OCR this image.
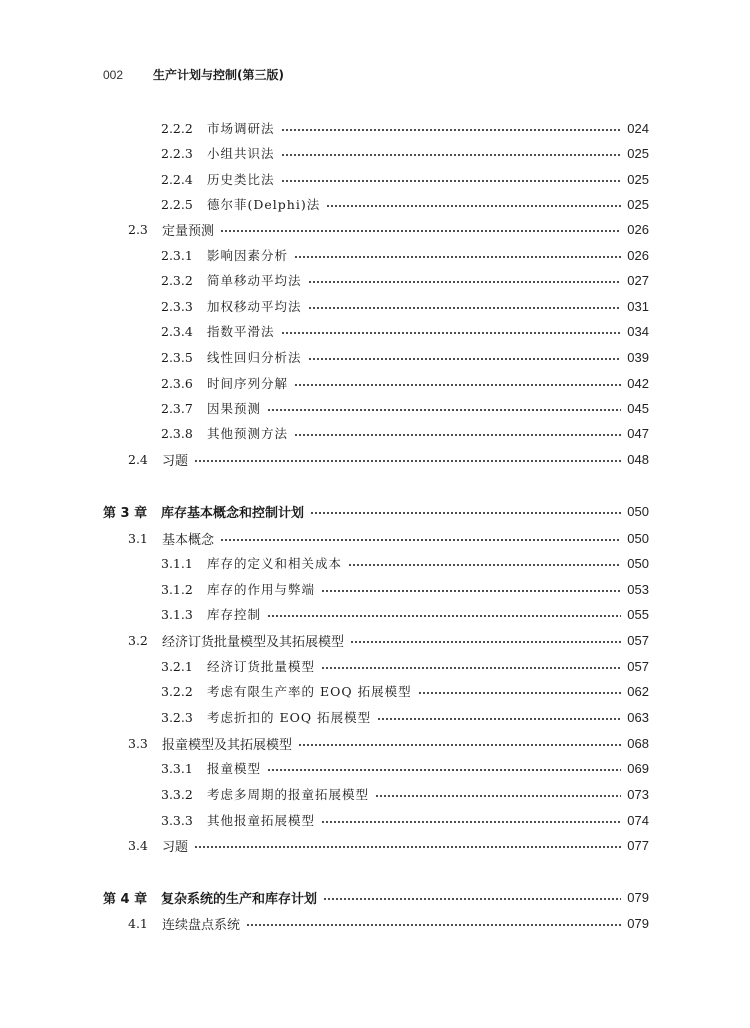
002	生产计划与控制(第三版)
2.2.2	市场调研法	024
2.2.3	小组共识法	025
2.2.4	历史类比法	025
2.2.5	德尔菲(Delphi)法	025
2.3	定量预测	026
2.3.1	影响因素分析	026
2.3.2	简单移动平均法	027
2.3.3	加权移动平均法	031
2.3.4	指数平滑法	034
2.3.5	线性回归分析法	039
2.3.6	时间序列分解	042
2.3.7	因果预测	045
2.3.8	其他预测方法	047
2.4	习题	048
第 3 章	库存基本概念和控制计划	050
3.1	基本概念	050
3.1.1	库存的定义和相关成本	050
3.1.2	库存的作用与弊端	053
3.1.3	库存控制	055
3.2	经济订货批量模型及其拓展模型	057
3.2.1	经济订货批量模型	057
3.2.2	考虑有限生产率的 EOQ 拓展模型	062
3.2.3	考虑折扣的 EOQ 拓展模型	063
3.3	报童模型及其拓展模型	068
3.3.1	报童模型	069
3.3.2	考虑多周期的报童拓展模型	073
3.3.3	其他报童拓展模型	074
3.4	习题	077
第 4 章	复杂系统的生产和库存计划	079
4.1	连续盘点系统	079
